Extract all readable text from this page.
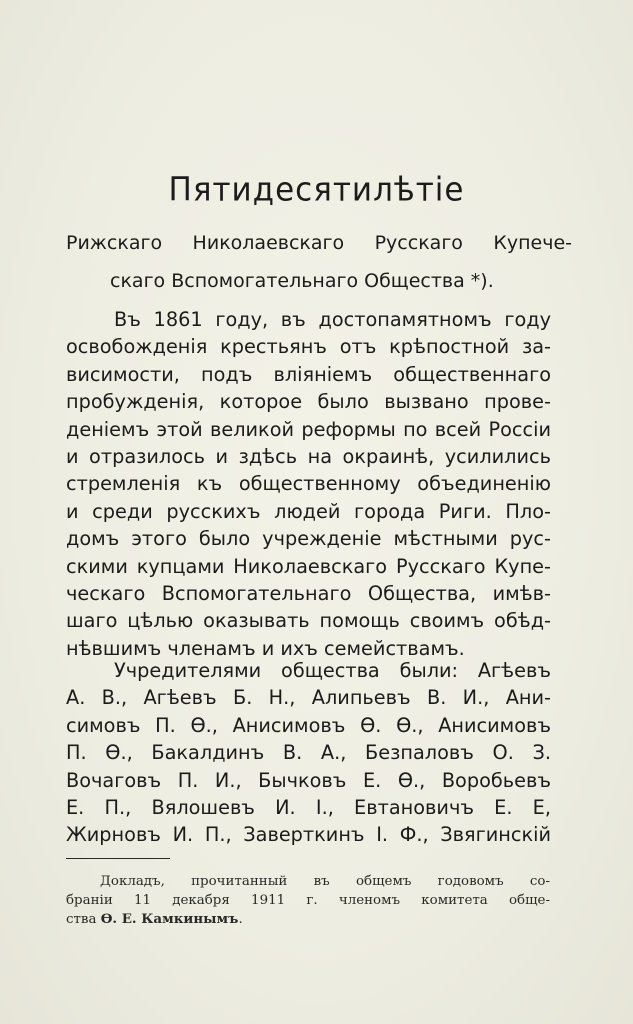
Пятидесятилѣтіе

Рижскаго Николаевскаго Русскаго Купече-

скаго Вспомогательнаго Общества *).

Въ 1861 году, въ достопамятномъ году
освобожденія крестьянъ отъ крѣпостной за-
висимости, подъ вліяніемъ общественнаго
пробужденія, которое было вызвано прове-
деніемъ этой великой реформы по всей Россіи
и отразилось и здѣсь на окраинѣ, усилились
стремленія къ общественному объединенію
и среди русскихъ людей города Риги. Пло-
домъ этого было учрежденіе мѣстными рус-
скими купцами Николаевскаго Русскаго Купе-
ческаго Вспомогательнаго Общества, имѣв-
шаго цѣлью оказывать помощь своимъ обѣд-
нѣвшимъ членамъ и ихъ семействамъ.
Учредителями общества были: Агѣевъ
А. В., Агѣевъ Б. Н., Алипьевъ В. И., Ани-
симовъ П. Ѳ., Анисимовъ Ѳ. Ѳ., Анисимовъ
П. Ѳ., Бакалдинъ В. А., Безпаловъ О. З.
Вочаговъ П. И., Бычковъ Е. Ѳ., Воробьевъ
Е. П., Вялошевъ И. І., Евтановичъ Е. Е,
Жирновъ И. П., Заверткинъ І. Ф., Звягинскій
Докладъ, прочитанный въ общемъ годовомъ со-
браніи 11 декабря 1911 г. членомъ комитета обще-
ства Ѳ. Е. Камкинымъ.
